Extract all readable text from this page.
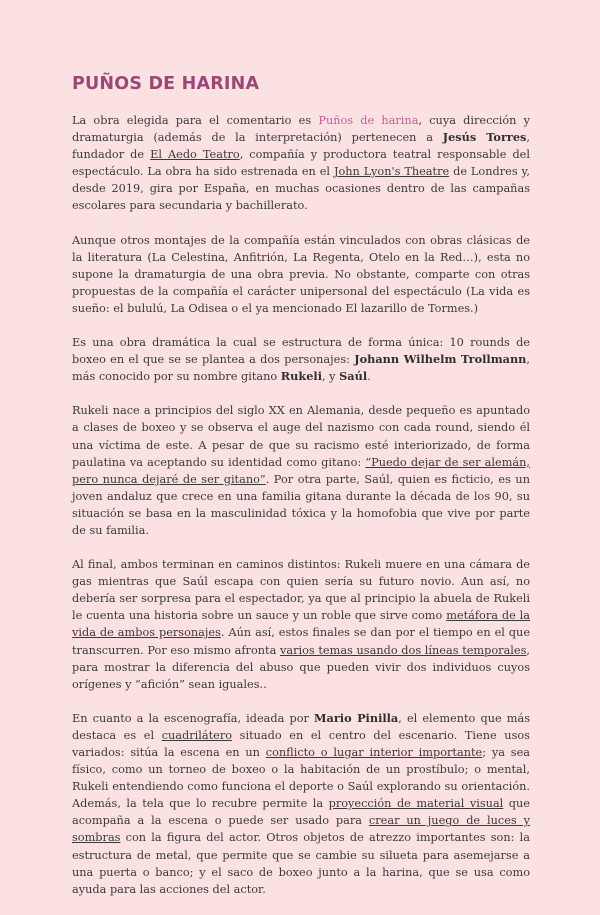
PUÑOS DE HARINA

La obra elegida para el comentario es Puños de harina, cuya dirección y dramaturgia (además de la interpretación) pertenecen a Jesús Torres, fundador de El Aedo Teatro, compañía y productora teatral responsable del espectáculo. La obra ha sido estrenada en el John Lyon's Theatre de Londres y, desde 2019, gira por España, en muchas ocasiones dentro de las campañas escolares para secundaria y bachillerato.

Aunque otros montajes de la compañía están vinculados con obras clásicas de la literatura (La Celestina, Anfitrión, La Regenta, Otelo en la Red…), esta no supone la dramaturgia de una obra previa. No obstante, comparte con otras propuestas de la compañía el carácter unipersonal del espectáculo (La vida es sueño: el bululú, La Odisea o el ya mencionado El lazarillo de Tormes.)

Es una obra dramática la cual se estructura de forma única: 10 rounds de boxeo en el que se se plantea a dos personajes: Johann Wilhelm Trollmann, más conocido por su nombre gitano Rukeli, y Saúl.

Rukeli nace a principios del siglo XX en Alemania, desde pequeño es apuntado a clases de boxeo y se observa el auge del nazismo con cada round, siendo él una víctima de este. A pesar de que su racismo esté interiorizado, de forma paulatina va aceptando su identidad como gitano: “Puedo dejar de ser alemán, pero nunca dejaré de ser gitano”. Por otra parte, Saúl, quien es ficticio, es un joven andaluz que crece en una familia gitana durante la década de los 90, su situación se basa en la masculinidad tóxica y la homofobia que vive por parte de su familia.

Al final, ambos terminan en caminos distintos: Rukeli muere en una cámara de gas mientras que Saúl escapa con quien sería su futuro novio. Aun así, no debería ser sorpresa para el espectador, ya que al principio la abuela de Rukeli le cuenta una historia sobre un sauce y un roble que sirve como metáfora de la vida de ambos personajes. Aún así, estos finales se dan por el tiempo en el que transcurren. Por eso mismo afronta varios temas usando dos líneas temporales, para mostrar la diferencia del abuso que pueden vivir dos individuos cuyos orígenes y “afición” sean iguales..

En cuanto a la escenografía, ideada por Mario Pinilla, el elemento que más destaca es el cuadrilátero situado en el centro del escenario. Tiene usos variados: sitúa la escena en un conflicto o lugar interior importante; ya sea físico, como un torneo de boxeo o la habitación de un prostíbulo; o mental, Rukeli entendiendo como funciona el deporte o Saúl explorando su orientación. Además, la tela que lo recubre permite la proyección de material visual que acompaña a la escena o puede ser usado para crear un juego de luces y sombras con la figura del actor. Otros objetos de atrezzo importantes son: la estructura de metal, que permite que se cambie su silueta para asemejarse a una puerta o banco; y el saco de boxeo junto a la harina, que se usa como ayuda para las acciones del actor.
